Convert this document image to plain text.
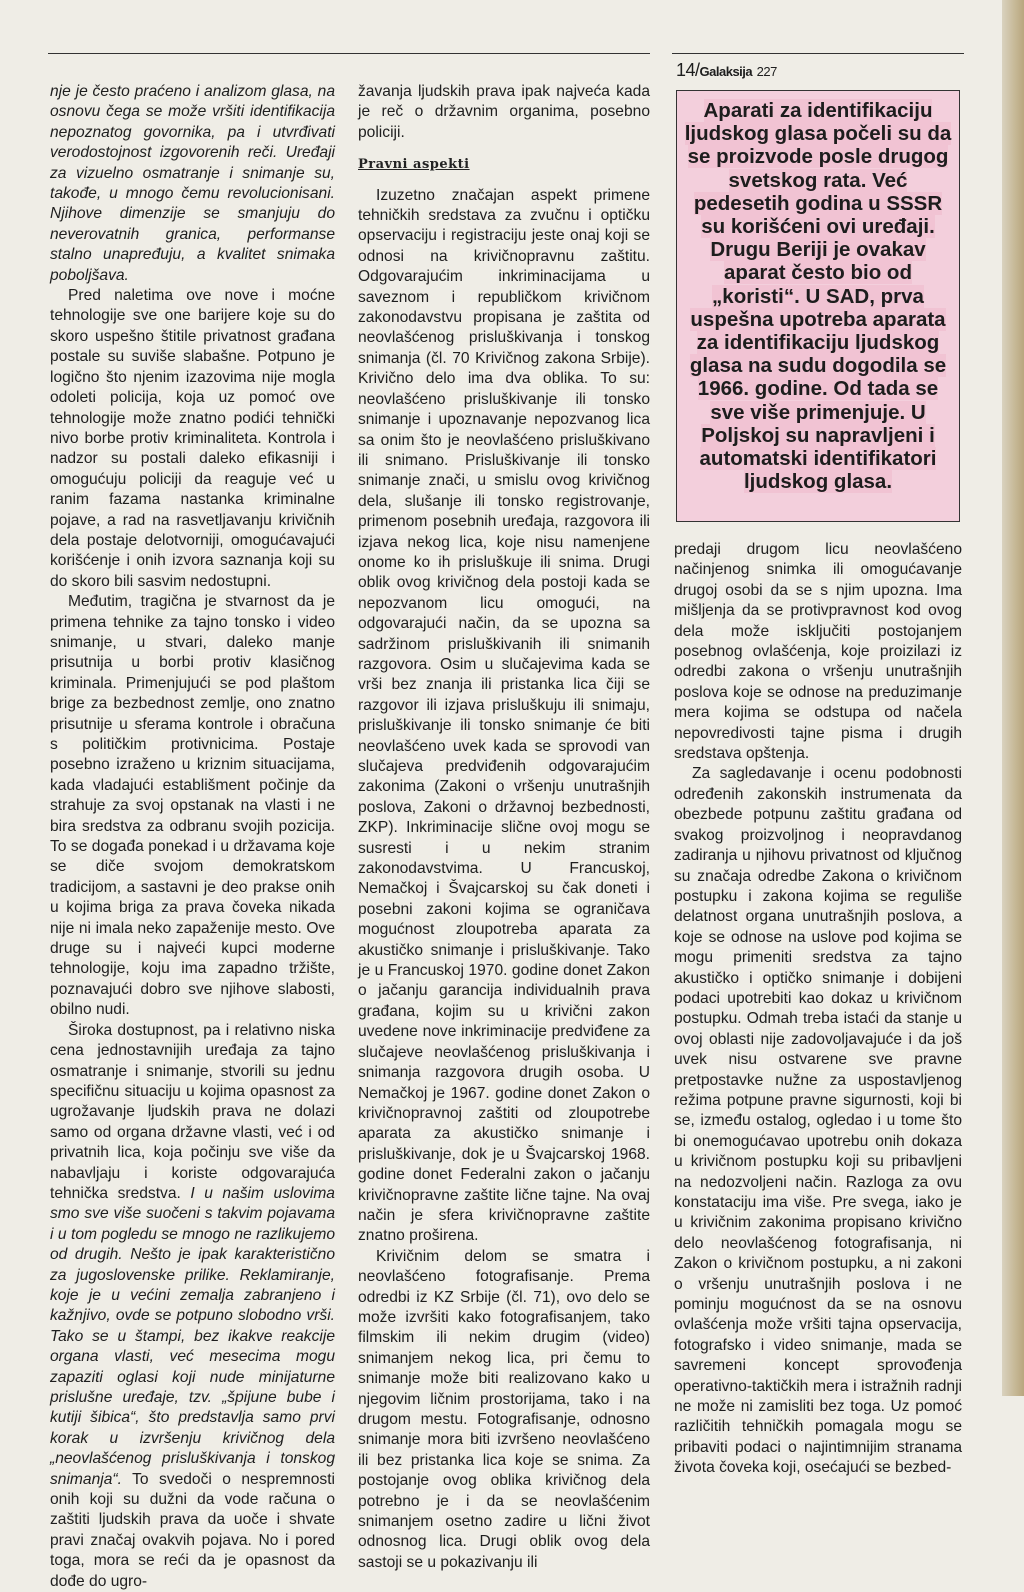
14/Galaksija 227

nje je često praćeno i analizom glasa, na osnovu čega se može vršiti identifikacija nepoznatog govornika, pa i utvrđivati verodostojnost izgovorenih reči. Uređaji za vizuelno osmatranje i snimanje su, takođe, u mnogo čemu revolucionisani. Njihove dimenzije se smanjuju do neverovatnih granica, performanse stalno unapređuju, a kvalitet snimaka poboljšava.

Pred naletima ove nove i moćne tehnologije sve one barijere koje su do skoro uspešno štitile privatnost građana postale su suviše slabašne. Potpuno je logično što njenim izazovima nije mogla odoleti policija, koja uz pomoć ove tehnologije može znatno podići tehnički nivo borbe protiv kriminaliteta. Kontrola i nadzor su postali daleko efikasniji i omogućuju policiji da reaguje već u ranim fazama nastanka kriminalne pojave, a rad na rasvetljavanju krivičnih dela postaje delotvorniji, omogućavajući korišćenje i onih izvora saznanja koji su do skoro bili sasvim nedostupni.

Međutim, tragična je stvarnost da je primena tehnike za tajno tonsko i video snimanje, u stvari, daleko manje prisutnija u borbi protiv klasičnog kriminala. Primenjujući se pod plaštom brige za bezbednost zemlje, ono znatno prisutnije u sferama kontrole i obračuna s političkim protivnicima. Postaje posebno izraženo u kriznim situacijama, kada vladajući establišment počinje da strahuje za svoj opstanak na vlasti i ne bira sredstva za odbranu svojih pozicija. To se događa ponekad i u državama koje se diče svojom demokratskom tradicijom, a sastavni je deo prakse onih u kojima briga za prava čoveka nikada nije ni imala neko zapaženije mesto. Ove druge su i najveći kupci moderne tehnologije, koju ima zapadno tržište, poznavajući dobro sve njihove slabosti, obilno nudi.

Široka dostupnost, pa i relativno niska cena jednostavnijih uređaja za tajno osmatranje i snimanje, stvorili su jednu specifičnu situaciju u kojima opasnost za ugrožavanje ljudskih prava ne dolazi samo od organa državne vlasti, već i od privatnih lica, koja počinju sve više da nabavljaju i koriste odgovarajuća tehnička sredstva. I u našim uslovima smo sve više suočeni s takvim pojavama i u tom pogledu se mnogo ne razlikujemo od drugih. Nešto je ipak karakteristično za jugoslovenske prilike. Reklamiranje, koje je u većini zemalja zabranjeno i kažnjivo, ovde se potpuno slobodno vrši. Tako se u štampi, bez ikakve reakcije organa vlasti, već mesecima mogu zapaziti oglasi koji nude minijaturne prislušne uređaje, tzv. „špijune bube i kutiji šibica“, što predstavlja samo prvi korak u izvršenju krivičnog dela „neovlašćenog prisluškivanja i tonskog snimanja“. To svedoči o nespremnosti onih koji su dužni da vode računa o zaštiti ljudskih prava da uoče i shvate pravi značaj ovakvih pojava. No i pored toga, mora se reći da je opasnost da dođe do ugro-

žavanja ljudskih prava ipak najveća kada je reč o državnim organima, posebno policiji.

Pravni aspekti

Izuzetno značajan aspekt primene tehničkih sredstava za zvučnu i optičku opservaciju i registraciju jeste onaj koji se odnosi na krivičnopravnu zaštitu. Odgovarajućim inkriminacijama u saveznom i republičkom krivičnom zakonodavstvu propisana je zaštita od neovlašćenog prisluškivanja i tonskog snimanja (čl. 70 Krivičnog zakona Srbije). Krivično delo ima dva oblika. To su: neovlašćeno prisluškivanje ili tonsko snimanje i upoznavanje nepozvanog lica sa onim što je neovlašćeno prisluškivano ili snimano. Prisluškivanje ili tonsko snimanje znači, u smislu ovog krivičnog dela, slušanje ili tonsko registrovanje, primenom posebnih uređaja, razgovora ili izjava nekog lica, koje nisu namenjene onome ko ih prisluškuje ili snima. Drugi oblik ovog krivičnog dela postoji kada se nepozvanom licu omogući, na odgovarajući način, da se upozna sa sadržinom prisluškivanih ili snimanih razgovora. Osim u slučajevima kada se vrši bez znanja ili pristanka lica čiji se razgovor ili izjava prisluškuju ili snimaju, prisluškivanje ili tonsko snimanje će biti neovlašćeno uvek kada se sprovodi van slučajeva predviđenih odgovarajućim zakonima (Zakoni o vršenju unutrašnjih poslova, Zakoni o državnoj bezbednosti, ZKP). Inkriminacije slične ovoj mogu se susresti i u nekim stranim zakonodavstvima. U Francuskoj, Nemačkoj i Švajcarskoj su čak doneti i posebni zakoni kojima se ograničava mogućnost zloupotreba aparata za akustičko snimanje i prisluškivanje. Tako je u Francuskoj 1970. godine donet Zakon o jačanju garancija individualnih prava građana, kojim su u krivični zakon uvedene nove inkriminacije predviđene za slučajeve neovlašćenog prisluškivanja i snimanja razgovora drugih osoba. U Nemačkoj je 1967. godine donet Zakon o krivičnopravnoj zaštiti od zloupotrebe aparata za akustičko snimanje i prisluškivanje, dok je u Švajcarskoj 1968. godine donet Federalni zakon o jačanju krivičnopravne zaštite lične tajne. Na ovaj način je sfera krivičnopravne zaštite znatno proširena.

Krivičnim delom se smatra i neovlašćeno fotografisanje. Prema odredbi iz KZ Srbije (čl. 71), ovo delo se može izvršiti kako fotografisanjem, tako filmskim ili nekim drugim (video) snimanjem nekog lica, pri čemu to snimanje može biti realizovano kako u njegovim ličnim prostorijama, tako i na drugom mestu. Fotografisanje, odnosno snimanje mora biti izvršeno neovlašćeno ili bez pristanka lica koje se snima. Za postojanje ovog oblika krivičnog dela potrebno je i da se neovlašćenim snimanjem osetno zadire u lični život odnosnog lica. Drugi oblik ovog dela sastoji se u pokazivanju ili

Aparati za identifikaciju ljudskog glasa počeli su da se proizvode posle drugog svetskog rata. Već pedesetih godina u SSSR su korišćeni ovi uređaji. Drugu Beriji je ovakav aparat često bio od „koristi“. U SAD, prva uspešna upotreba aparata za identifikaciju ljudskog glasa na sudu dogodila se 1966. godine. Od tada se sve više primenjuje. U Poljskoj su napravljeni i automatski identifikatori ljudskog glasa.

predaji drugom licu neovlašćeno načinjenog snimka ili omogućavanje drugoj osobi da se s njim upozna. Ima mišljenja da se protivpravnost kod ovog dela može isključiti postojanjem posebnog ovlašćenja, koje proizilazi iz odredbi zakona o vršenju unutrašnjih poslova koje se odnose na preduzimanje mera kojima se odstupa od načela nepovredivosti tajne pisma i drugih sredstava opštenja.

Za sagledavanje i ocenu podobnosti određenih zakonskih instrumenata da obezbede potpunu zaštitu građana od svakog proizvoljnog i neopravdanog zadiranja u njihovu privatnost od ključnog su značaja odredbe Zakona o krivičnom postupku i zakona kojima se reguliše delatnost organa unutrašnjih poslova, a koje se odnose na uslove pod kojima se mogu primeniti sredstva za tajno akustičko i optičko snimanje i dobijeni podaci upotrebiti kao dokaz u krivičnom postupku. Odmah treba istaći da stanje u ovoj oblasti nije zadovoljavajuće i da još uvek nisu ostvarene sve pravne pretpostavke nužne za uspostavljenog režima potpune pravne sigurnosti, koji bi se, između ostalog, ogledao i u tome što bi onemogućavao upotrebu onih dokaza u krivičnom postupku koji su pribavljeni na nedozvoljeni način. Razloga za ovu konstataciju ima više. Pre svega, iako je u krivičnim zakonima propisano krivično delo neovlašćenog fotografisanja, ni Zakon o krivičnom postupku, a ni zakoni o vršenju unutrašnjih poslova i ne pominju mogućnost da se na osnovu ovlašćenja može vršiti tajna opservacija, fotografsko i video snimanje, mada se savremeni koncept sprovođenja operativno-taktičkih mera i istražnih radnji ne može ni zamisliti bez toga. Uz pomoć različitih tehničkih pomagala mogu se pribaviti podaci o najintimnijim stranama života čoveka koji, osećajući se bezbed-
